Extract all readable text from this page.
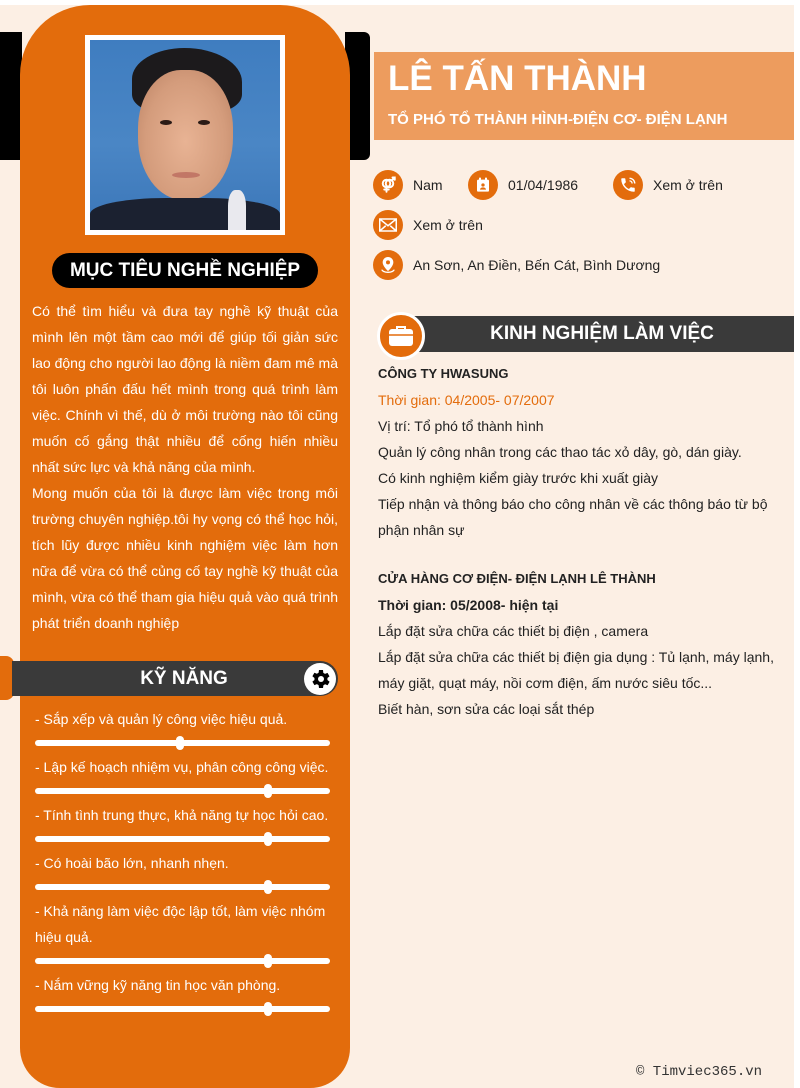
MỤC TIÊU NGHỀ NGHIỆP

Có thể tìm hiểu và đưa tay nghề kỹ thuật của mình lên một tầm cao mới để giúp tối giản sức lao động cho người lao động là niềm đam mê mà tôi luôn phấn đấu hết mình trong quá trình làm việc. Chính vì thế, dù ở môi trường nào tôi cũng muốn cố gắng thật nhiều để cống hiến nhiều nhất sức lực và khả năng của mình.

Mong muốn của tôi là được làm việc trong môi trường chuyên nghiệp.tôi hy vọng có thể học hỏi, tích lũy được nhiều kinh nghiệm việc làm hơn nữa để vừa có thể củng cố tay nghề kỹ thuật của mình, vừa có thể tham gia hiệu quả vào quá trình phát triển doanh nghiệp

KỸ NĂNG
- Sắp xếp và quản lý công việc hiệu quả.
- Lập kế hoạch nhiệm vụ, phân công công việc.
- Tính tình trung thực, khả năng tự học hỏi cao.
- Có hoài bão lớn, nhanh nhẹn.
- Khả năng làm việc độc lập tốt, làm việc nhóm hiệu quả.
- Nắm vững kỹ năng tin học văn phòng.
LÊ TẤN THÀNH
TỔ PHÓ TỔ THÀNH HÌNH-ĐIỆN CƠ- ĐIỆN LẠNH
Nam	01/04/1986	Xem ở trên
Xem ở trên
An Sơn, An Điền, Bến Cát, Bình Dương
KINH NGHIỆM LÀM VIỆC
CÔNG TY HWASUNG
Thời gian: 04/2005- 07/2007
Vị trí: Tổ phó tổ thành hình
Quản lý công nhân trong các thao tác xỏ dây, gò, dán giày.
Có kinh nghiệm kiểm giày trước khi xuất giày
Tiếp nhận và thông báo cho công nhân về các thông báo từ bộ phận nhân sự
CỬA HÀNG CƠ ĐIỆN- ĐIỆN LẠNH LÊ THÀNH
Thời gian: 05/2008- hiện tại
Lắp đặt sửa chữa các thiết bị điện , camera
Lắp đặt sửa chữa các thiết bị điện gia dụng : Tủ lạnh, máy lạnh, máy giặt, quạt máy, nồi cơm điện, ấm nước siêu tốc...
Biết hàn, sơn sửa các loại sắt thép
© Timviec365.vn
